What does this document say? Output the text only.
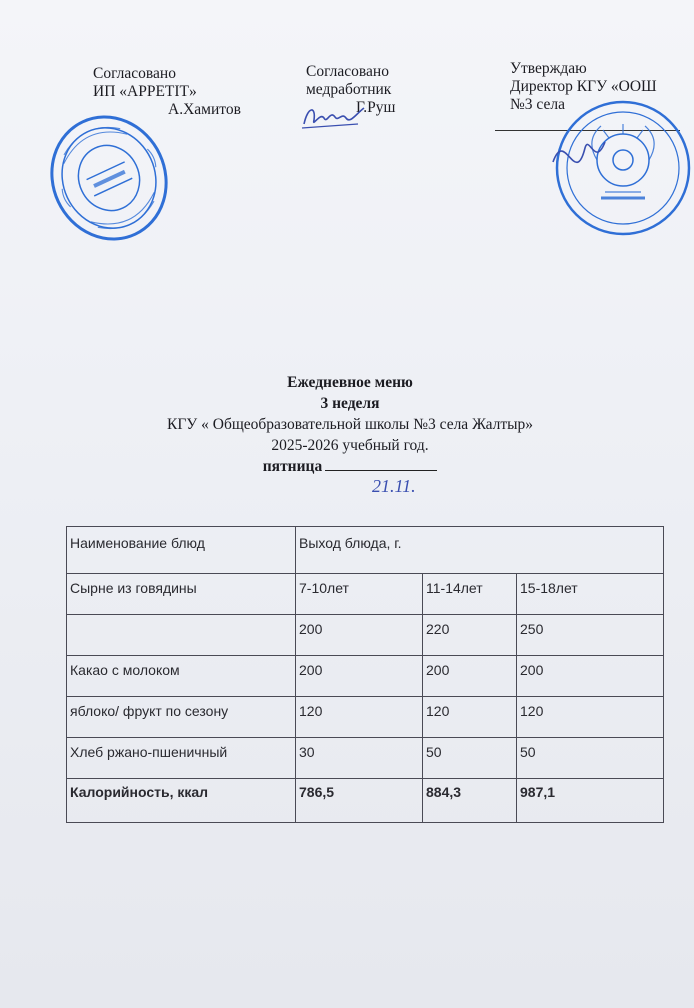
Согласовано
ИП «APPETIT»
А.Хамитов
Согласовано
медработник
Г.Руш
Утверждаю
Директор КГУ «ООШ
№3 села
Ежедневное меню
3 неделя
КГУ « Общеобразовательной школы №3 села Жалтыр»
2025-2026 учебный год.
пятница
21.11.
Наименование блюд	Выход блюда, г.		
Сырне из говядины	7-10лет	11-14лет	15-18лет
	200	220	250
Какао с молоком	200	200	200
яблоко/ фрукт по сезону	120	120	120
Хлеб ржано-пшеничный	30	50	50
Калорийность, ккал	786,5	884,3	987,1
